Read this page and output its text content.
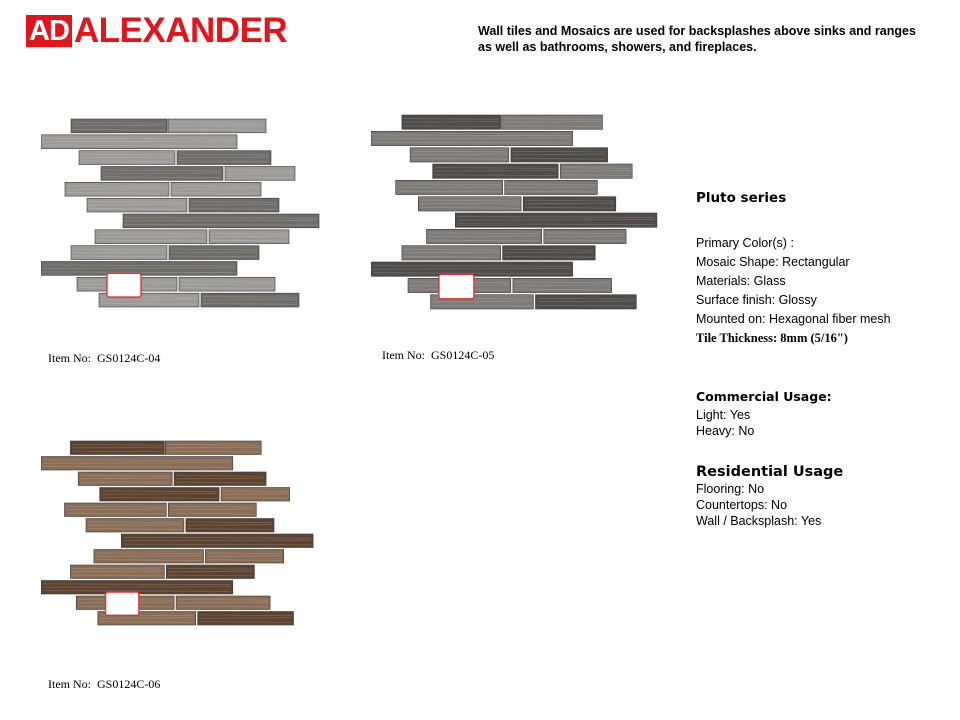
AD ALEXANDER	Wall tiles and Mosaics are used for backsplashes above sinks and ranges as well as bathrooms, showers, and fireplaces.
Item No: GS0124C-04	Item No: GS0124C-05
Item No: GS0124C-06
Pluto series
Primary Color(s) :
Mosaic Shape: Rectangular
Materials: Glass
Surface finish: Glossy
Mounted on: Hexagonal fiber mesh
Tile Thickness: 8mm (5/16")
Commercial Usage:
Light: Yes
Heavy: No
Residential Usage
Flooring: No
Countertops: No
Wall / Backsplash: Yes
